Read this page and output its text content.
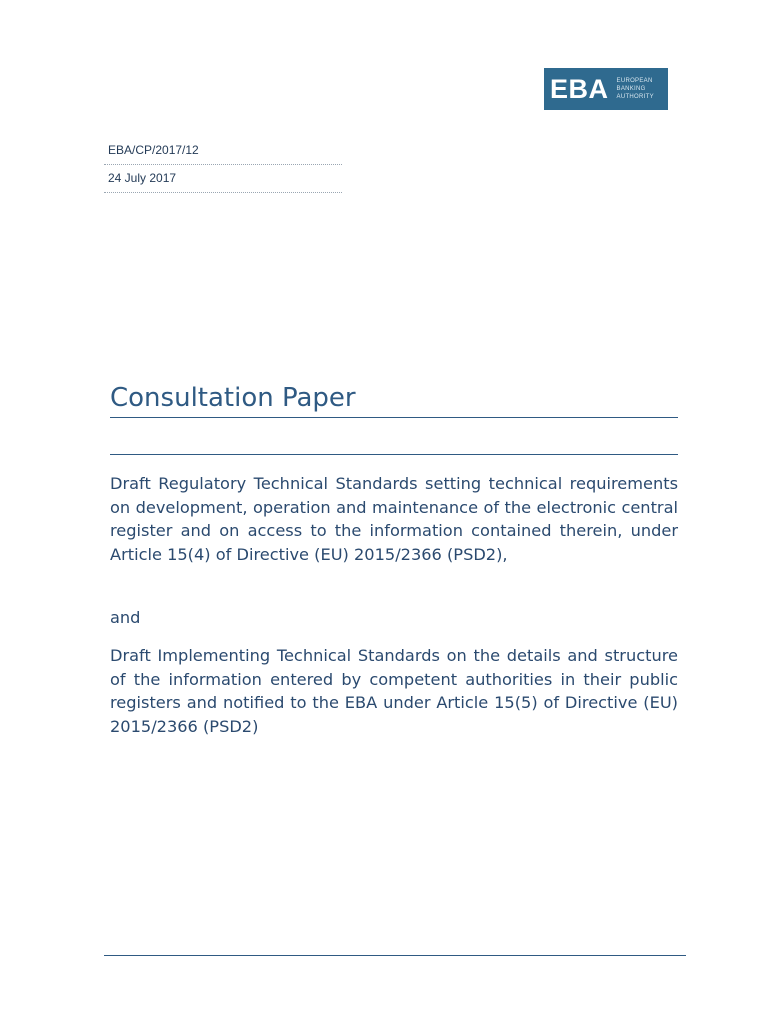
EBA EUROPEAN
BANKING
AUTHORITY
EBA/CP/2017/12
24 July 2017
Consultation Paper
Draft Regulatory Technical Standards setting technical requirements on development, operation and maintenance of the electronic central register and on access to the information contained therein, under Article 15(4) of Directive (EU) 2015/2366 (PSD2),
and
Draft Implementing Technical Standards on the details and structure of the information entered by competent authorities in their public registers and notified to the EBA under Article 15(5) of Directive (EU) 2015/2366 (PSD2)
